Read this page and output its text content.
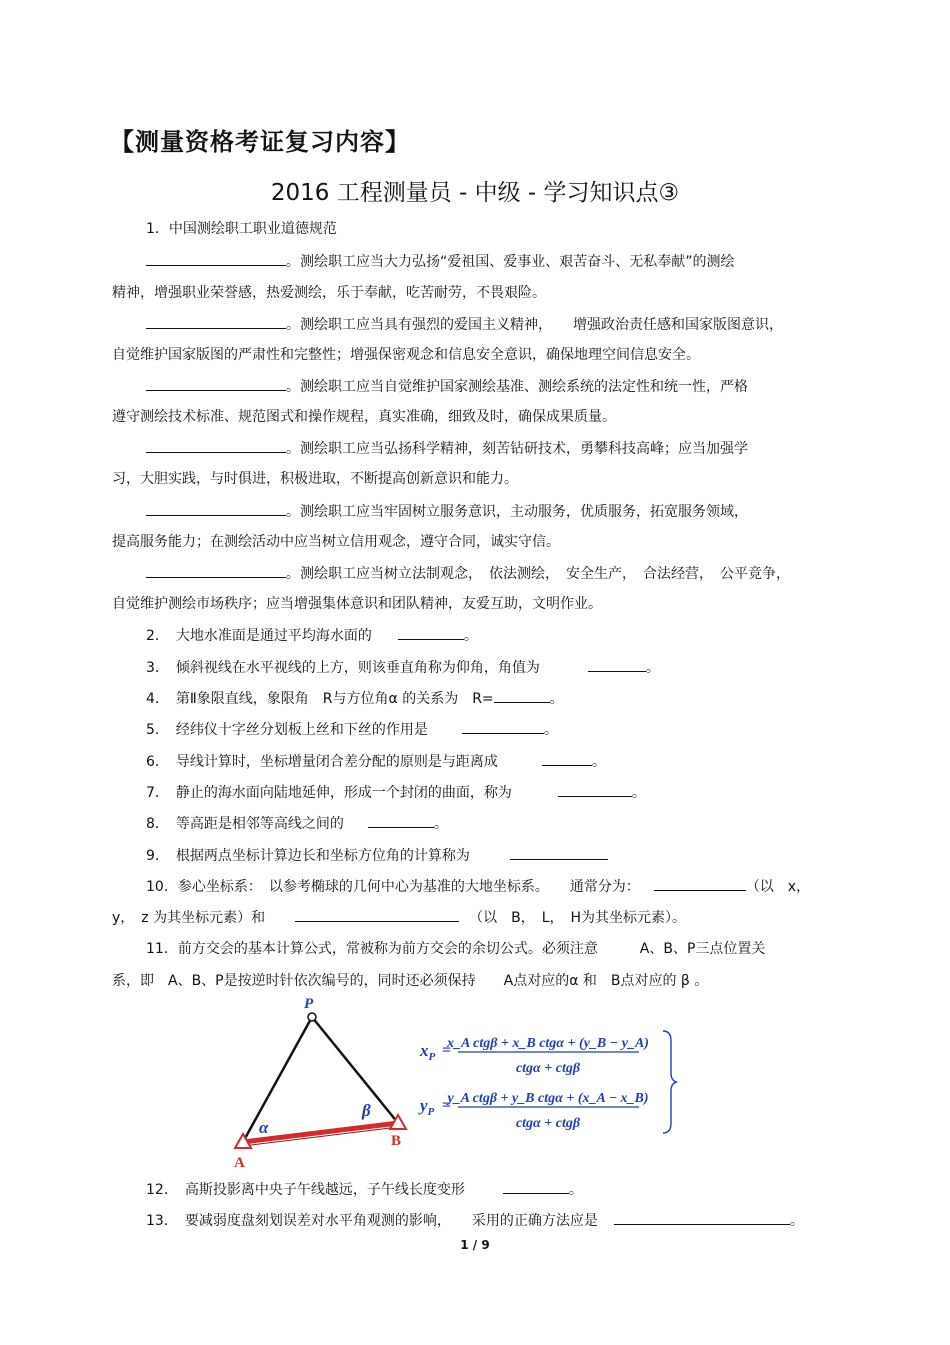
【测量资格考证复习内容】
2016 工程测量员 - 中级 - 学习知识点③
1．中国测绘职工职业道德规范
。测绘职工应当大力弘扬“爱祖国、爱事业、艰苦奋斗、无私奉献”的测绘
精神，增强职业荣誉感，热爱测绘，乐于奉献，吃苦耐劳，不畏艰险。
。测绘职工应当具有强烈的爱国主义精神，　　增强政治责任感和国家版图意识，
自觉维护国家版图的严肃性和完整性；增强保密观念和信息安全意识，确保地理空间信息安全。
。测绘职工应当自觉维护国家测绘基准、测绘系统的法定性和统一性，严格
遵守测绘技术标准、规范图式和操作规程，真实准确，细致及时，确保成果质量。
。测绘职工应当弘扬科学精神，刻苦钻研技术，勇攀科技高峰；应当加强学
习，大胆实践，与时俱进，积极进取，不断提高创新意识和能力。
。测绘职工应当牢固树立服务意识，主动服务，优质服务，拓宽服务领域，
提高服务能力；在测绘活动中应当树立信用观念，遵守合同，诚实守信。
。测绘职工应当树立法制观念，　依法测绘，　安全生产，　合法经营，　公平竞争，
自觉维护测绘市场秩序；应当增强集体意识和团队精神，友爱互助，文明作业。
2．　大地水准面是通过平均海水面的	。
3．　倾斜视线在水平视线的上方，则该垂直角称为仰角，角值为	。
4．　第Ⅱ象限直线，象限角　R与方位角α 的关系为　R=	。
5．　经纬仪十字丝分划板上丝和下丝的作用是	。
6．　导线计算时，坐标增量闭合差分配的原则是与距离成	。
7．　静止的海水面向陆地延伸，形成一个封闭的曲面，称为	。
8．　等高距是相邻等高线之间的	。
9．　根据两点坐标计算边长和坐标方位角的计算称为
10．参心坐标系：　以参考椭球的几何中心为基准的大地坐标系。　　通常分为：	（以　x，
y，　z 为其坐标元素）和	（以　B，　L，　H为其坐标元素）。
11．前方交会的基本计算公式，常被称为前方交会的余切公式。必须注意　　　A、B、P三点位置关
系，即　A、B、P是按逆时针依次编号的，同时还必须保持　　A点对应的α 和　B点对应的 β 。
P
A
B
α
β
$x_P$ =
x_A ctgβ + x_B ctgα + (y_B − y_A)
ctgα + ctgβ
$y_P$ =
y_A ctgβ + y_B ctgα + (x_A − x_B)
ctgα + ctgβ
12．　高斯投影离中央子午线越远，子午线长度变形	。
13．　要减弱度盘刻划误差对水平角观测的影响，　　采用的正确方法应是	。
1 / 9
